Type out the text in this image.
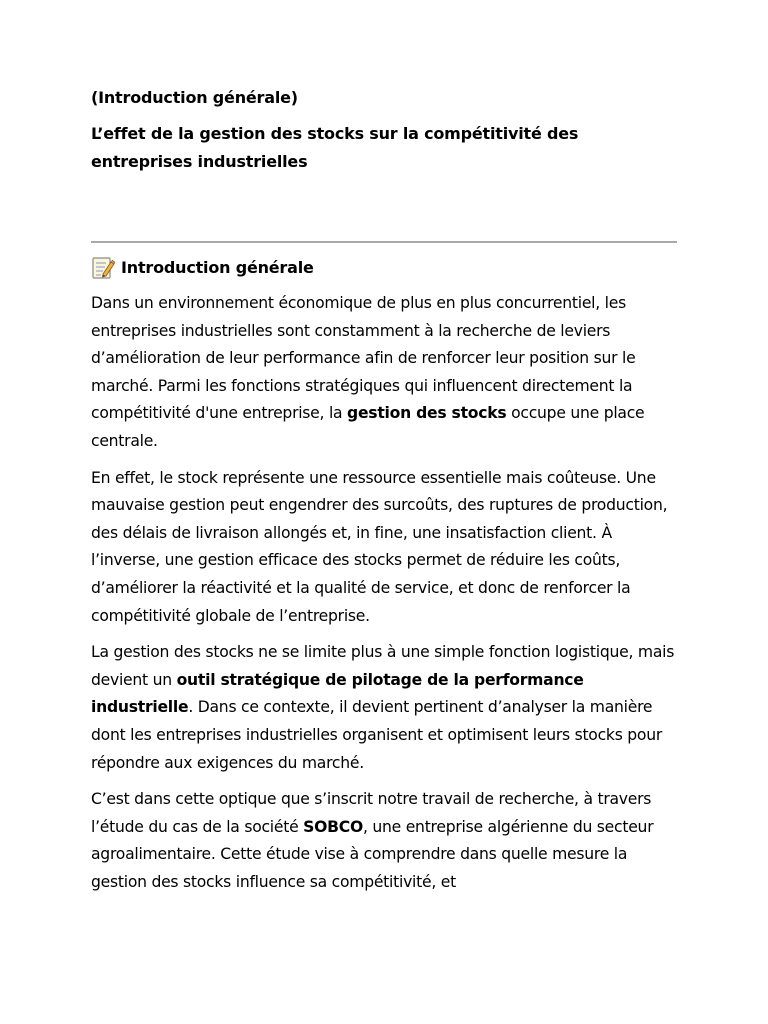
(Introduction générale)

L’effet de la gestion des stocks sur la compétitivité des entreprises industrielles

Introduction générale

Dans un environnement économique de plus en plus concurrentiel, les entreprises industrielles sont constamment à la recherche de leviers d’amélioration de leur performance afin de renforcer leur position sur le marché. Parmi les fonctions stratégiques qui influencent directement la compétitivité d'une entreprise, la gestion des stocks occupe une place centrale.

En effet, le stock représente une ressource essentielle mais coûteuse. Une mauvaise gestion peut engendrer des surcoûts, des ruptures de production, des délais de livraison allongés et, in fine, une insatisfaction client. À l’inverse, une gestion efficace des stocks permet de réduire les coûts, d’améliorer la réactivité et la qualité de service, et donc de renforcer la compétitivité globale de l’entreprise.

La gestion des stocks ne se limite plus à une simple fonction logistique, mais devient un outil stratégique de pilotage de la performance industrielle. Dans ce contexte, il devient pertinent d’analyser la manière dont les entreprises industrielles organisent et optimisent leurs stocks pour répondre aux exigences du marché.

C’est dans cette optique que s’inscrit notre travail de recherche, à travers l’étude du cas de la société SOBCO, une entreprise algérienne du secteur agroalimentaire. Cette étude vise à comprendre dans quelle mesure la gestion des stocks influence sa compétitivité, et
